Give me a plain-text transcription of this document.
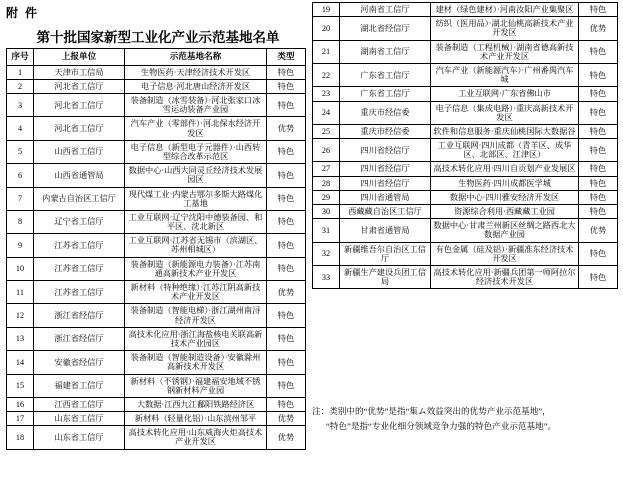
附 件
第十批国家新型工业化产业示范基地名单
序号	上报单位	示范基地名称	类型
1	天津市工信局	生物医药·天津经济技术开发区	特色
2	河北省工信厅	电子信息·河北唐山经济开发区	特色
3	河北省工信厅	装备制造（冰雪装备）·河北张家口冰雪运动装备产业园	特色
4	河北省工信厅	汽车产业（零部件）·河北保水经济开发区	优势
5	山西省工信厅	电子信息（新型电子元器件）·山西转型综合改革示范区	特色
6	山西省通管局	数据中心·山西大同灵丘经济技术发展园区	特色
7	内蒙古自治区工信厅	现代煤工业·内蒙古鄂尔多斯大路煤化工基地	特色
8	辽宁省工信厅	工业互联网·辽宁沈阳中德装备园、和平区、沈北新区	特色
9	江苏省工信厅	工业互联网·江苏省无锡市（滨湖区、苏州相城区）	特色
10	江苏省工信厅	装备制造（新能源电力装备）·江苏南通高新技术产业开发区	特色
11	江苏省工信厅	新材料（特种绝缘）·江苏江阴高新技术产业开发区	优势
12	浙江省经信厅	装备制造（智能电梯）·浙江湖州南浔经济开发区	特色
13	浙江省经信厅	高技术化应用·浙江海盐核电关联高新技术产业园区	特色
14	安徽省经信厅	装备制造（智能制造设备）·安徽滁州高新技术开发区	特色
15	福建省工信厅	新材料（不锈钢）·福建福安地域不锈钢新材料产业园	特色
16	江西省工信厅	大数据·江西九江鄱阳铁路经济区	特色
17	山东省工信厅	新材料（轻量化铝）·山东滨州邹平	优势
18	山东省工信厅	高技术转化应用·山东威海火炬高技术产业开发区	优势
19	河南省工信厅	建材（绿色建材）·河南汝阳产业集聚区	特色
20	湖北省经信厅	纺织（医用品）·湖北仙桃高新技术产业开发区	优势
21	湖南省工信厅	装备制造（工程机械）·湖南省德高新技术产业开发区	特色
22	广东省工信厅	汽车产业（新能源汽车）·广州番禺汽车城	特色
23	广东省工信厅	工业互联网·广东省佛山市	特色
24	重庆市经信委	电子信息（集成电路）·重庆高新技术开发区	特色
25	重庆市经信委	软件和信息服务·重庆仙桃国际大数据谷	特色
26	四川省经信厅	工业互联网·四川成都（青羊区、成华区、北部区、江津区）	特色
27	四川省经信厅	高技术转化应用·四川自贡划产业发展区	特色
28	四川省经信厅	生物医药·四川成都医学城	特色
29	四川省通管局	数据中心·四川雅安经济开发区	特色
30	西藏藏自治区工信厅	资源综合利用·西藏藏工业园	特色
31	甘肃省通管局	数据中心·甘肃兰州新区丝绸之路西北大数据产业园	优势
32	新疆维吾尔自治区工信厅	有色金属（硅及铝）·新疆准东经济技术开发区	特色
33	新疆生产建设兵团工信局	高技术转化应用·新疆兵团第一师阿拉尔经济技术开发区	特色

注：类别中的“优势”是指“集ム效益突出的优势产业示范基地”，

“特色”是指“专业化细分领域竞争力强的特色产业示范基地”。
